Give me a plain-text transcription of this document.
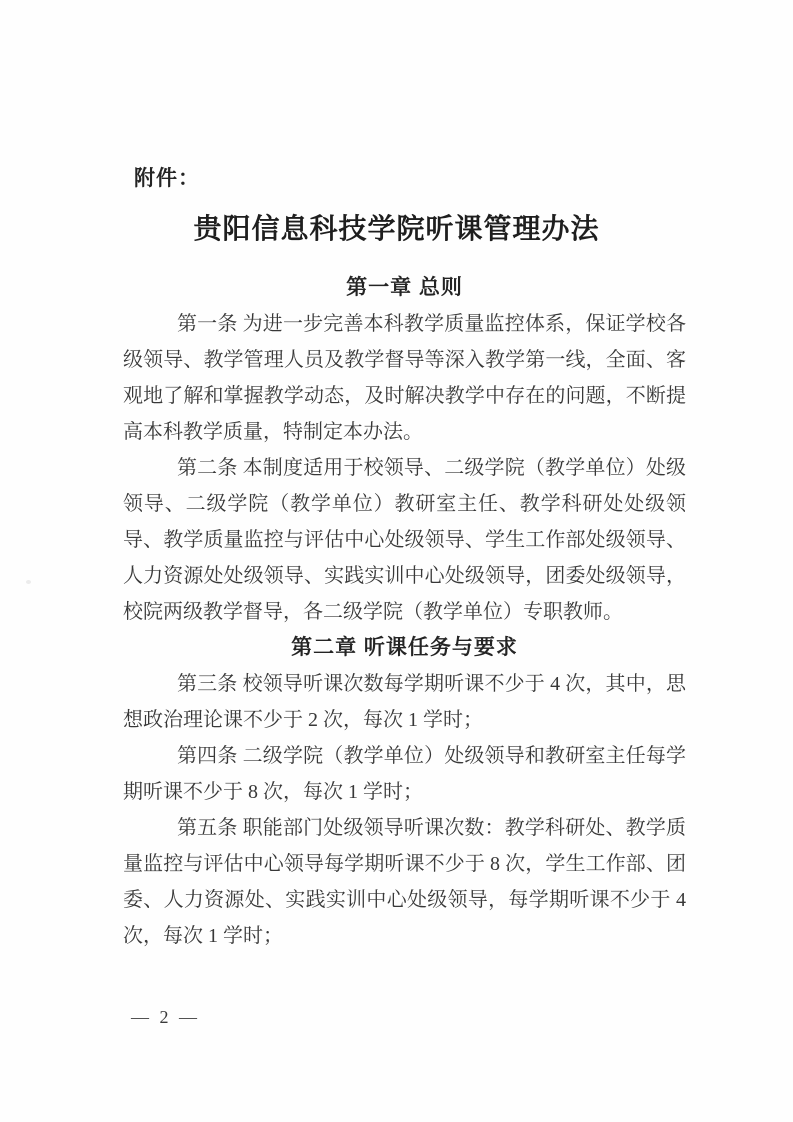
附件：
贵阳信息科技学院听课管理办法
第一章 总则

第一条 为进一步完善本科教学质量监控体系，保证学校各级领导、教学管理人员及教学督导等深入教学第一线，全面、客观地了解和掌握教学动态，及时解决教学中存在的问题，不断提高本科教学质量，特制定本办法。

第二条 本制度适用于校领导、二级学院（教学单位）处级领导、二级学院（教学单位）教研室主任、教学科研处处级领导、教学质量监控与评估中心处级领导、学生工作部处级领导、人力资源处处级领导、实践实训中心处级领导，团委处级领导，校院两级教学督导，各二级学院（教学单位）专职教师。

第二章 听课任务与要求

第三条 校领导听课次数每学期听课不少于 4 次，其中，思想政治理论课不少于 2 次，每次 1 学时；

第四条 二级学院（教学单位）处级领导和教研室主任每学期听课不少于 8 次，每次 1 学时；

第五条 职能部门处级领导听课次数：教学科研处、教学质量监控与评估中心领导每学期听课不少于 8 次，学生工作部、团委、人力资源处、实践实训中心处级领导，每学期听课不少于 4 次，每次 1 学时；

— 2 —
